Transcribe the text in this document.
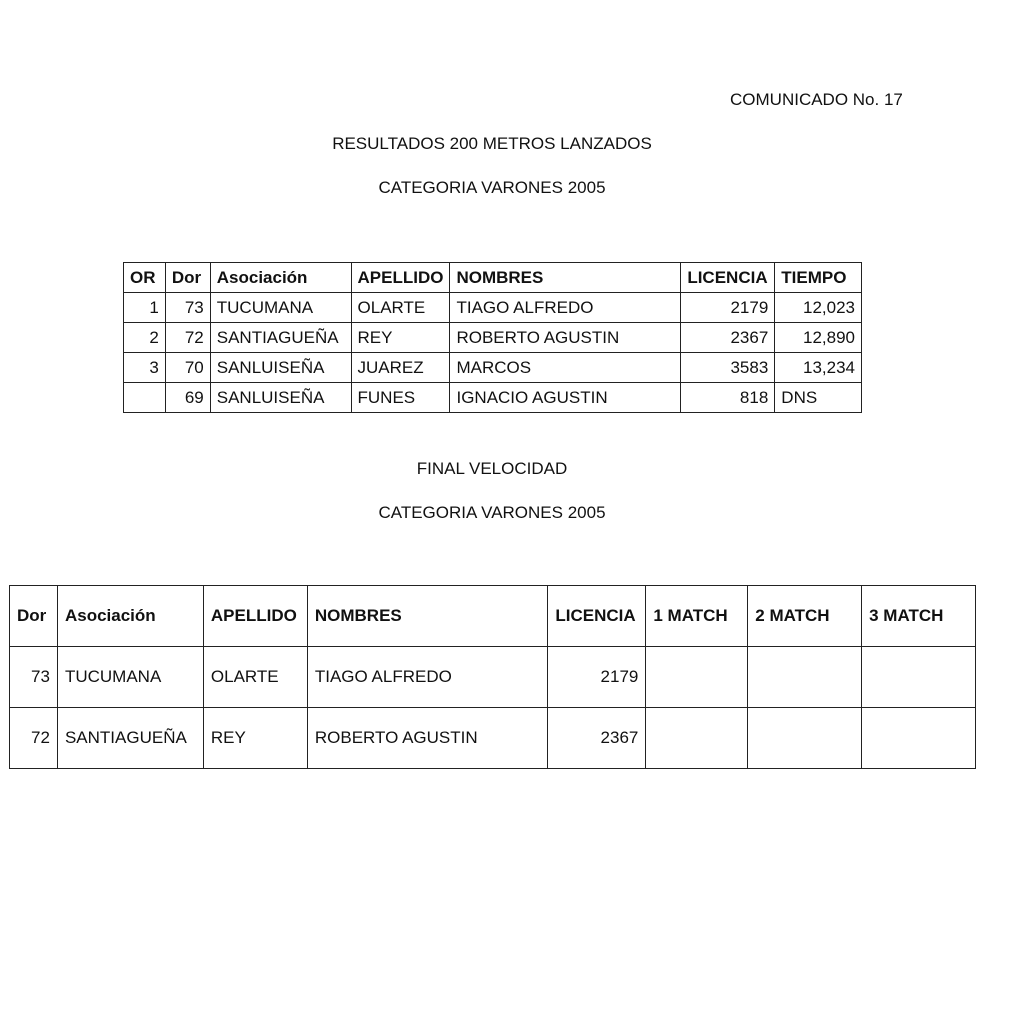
COMUNICADO No. 17
RESULTADOS 200 METROS LANZADOS
CATEGORIA VARONES 2005
OR	Dor	Asociación	APELLIDO	NOMBRES	LICENCIA	TIEMPO
1	73	TUCUMANA	OLARTE	TIAGO ALFREDO	2179	12,023
2	72	SANTIAGUEÑA	REY	ROBERTO AGUSTIN	2367	12,890
3	70	SANLUISEÑA	JUAREZ	MARCOS	3583	13,234
	69	SANLUISEÑA	FUNES	IGNACIO AGUSTIN	818	DNS
FINAL VELOCIDAD
CATEGORIA VARONES 2005
Dor	Asociación	APELLIDO	NOMBRES	LICENCIA	1 MATCH	2 MATCH	3 MATCH
73	TUCUMANA	OLARTE	TIAGO ALFREDO	2179			
72	SANTIAGUEÑA	REY	ROBERTO AGUSTIN	2367			
